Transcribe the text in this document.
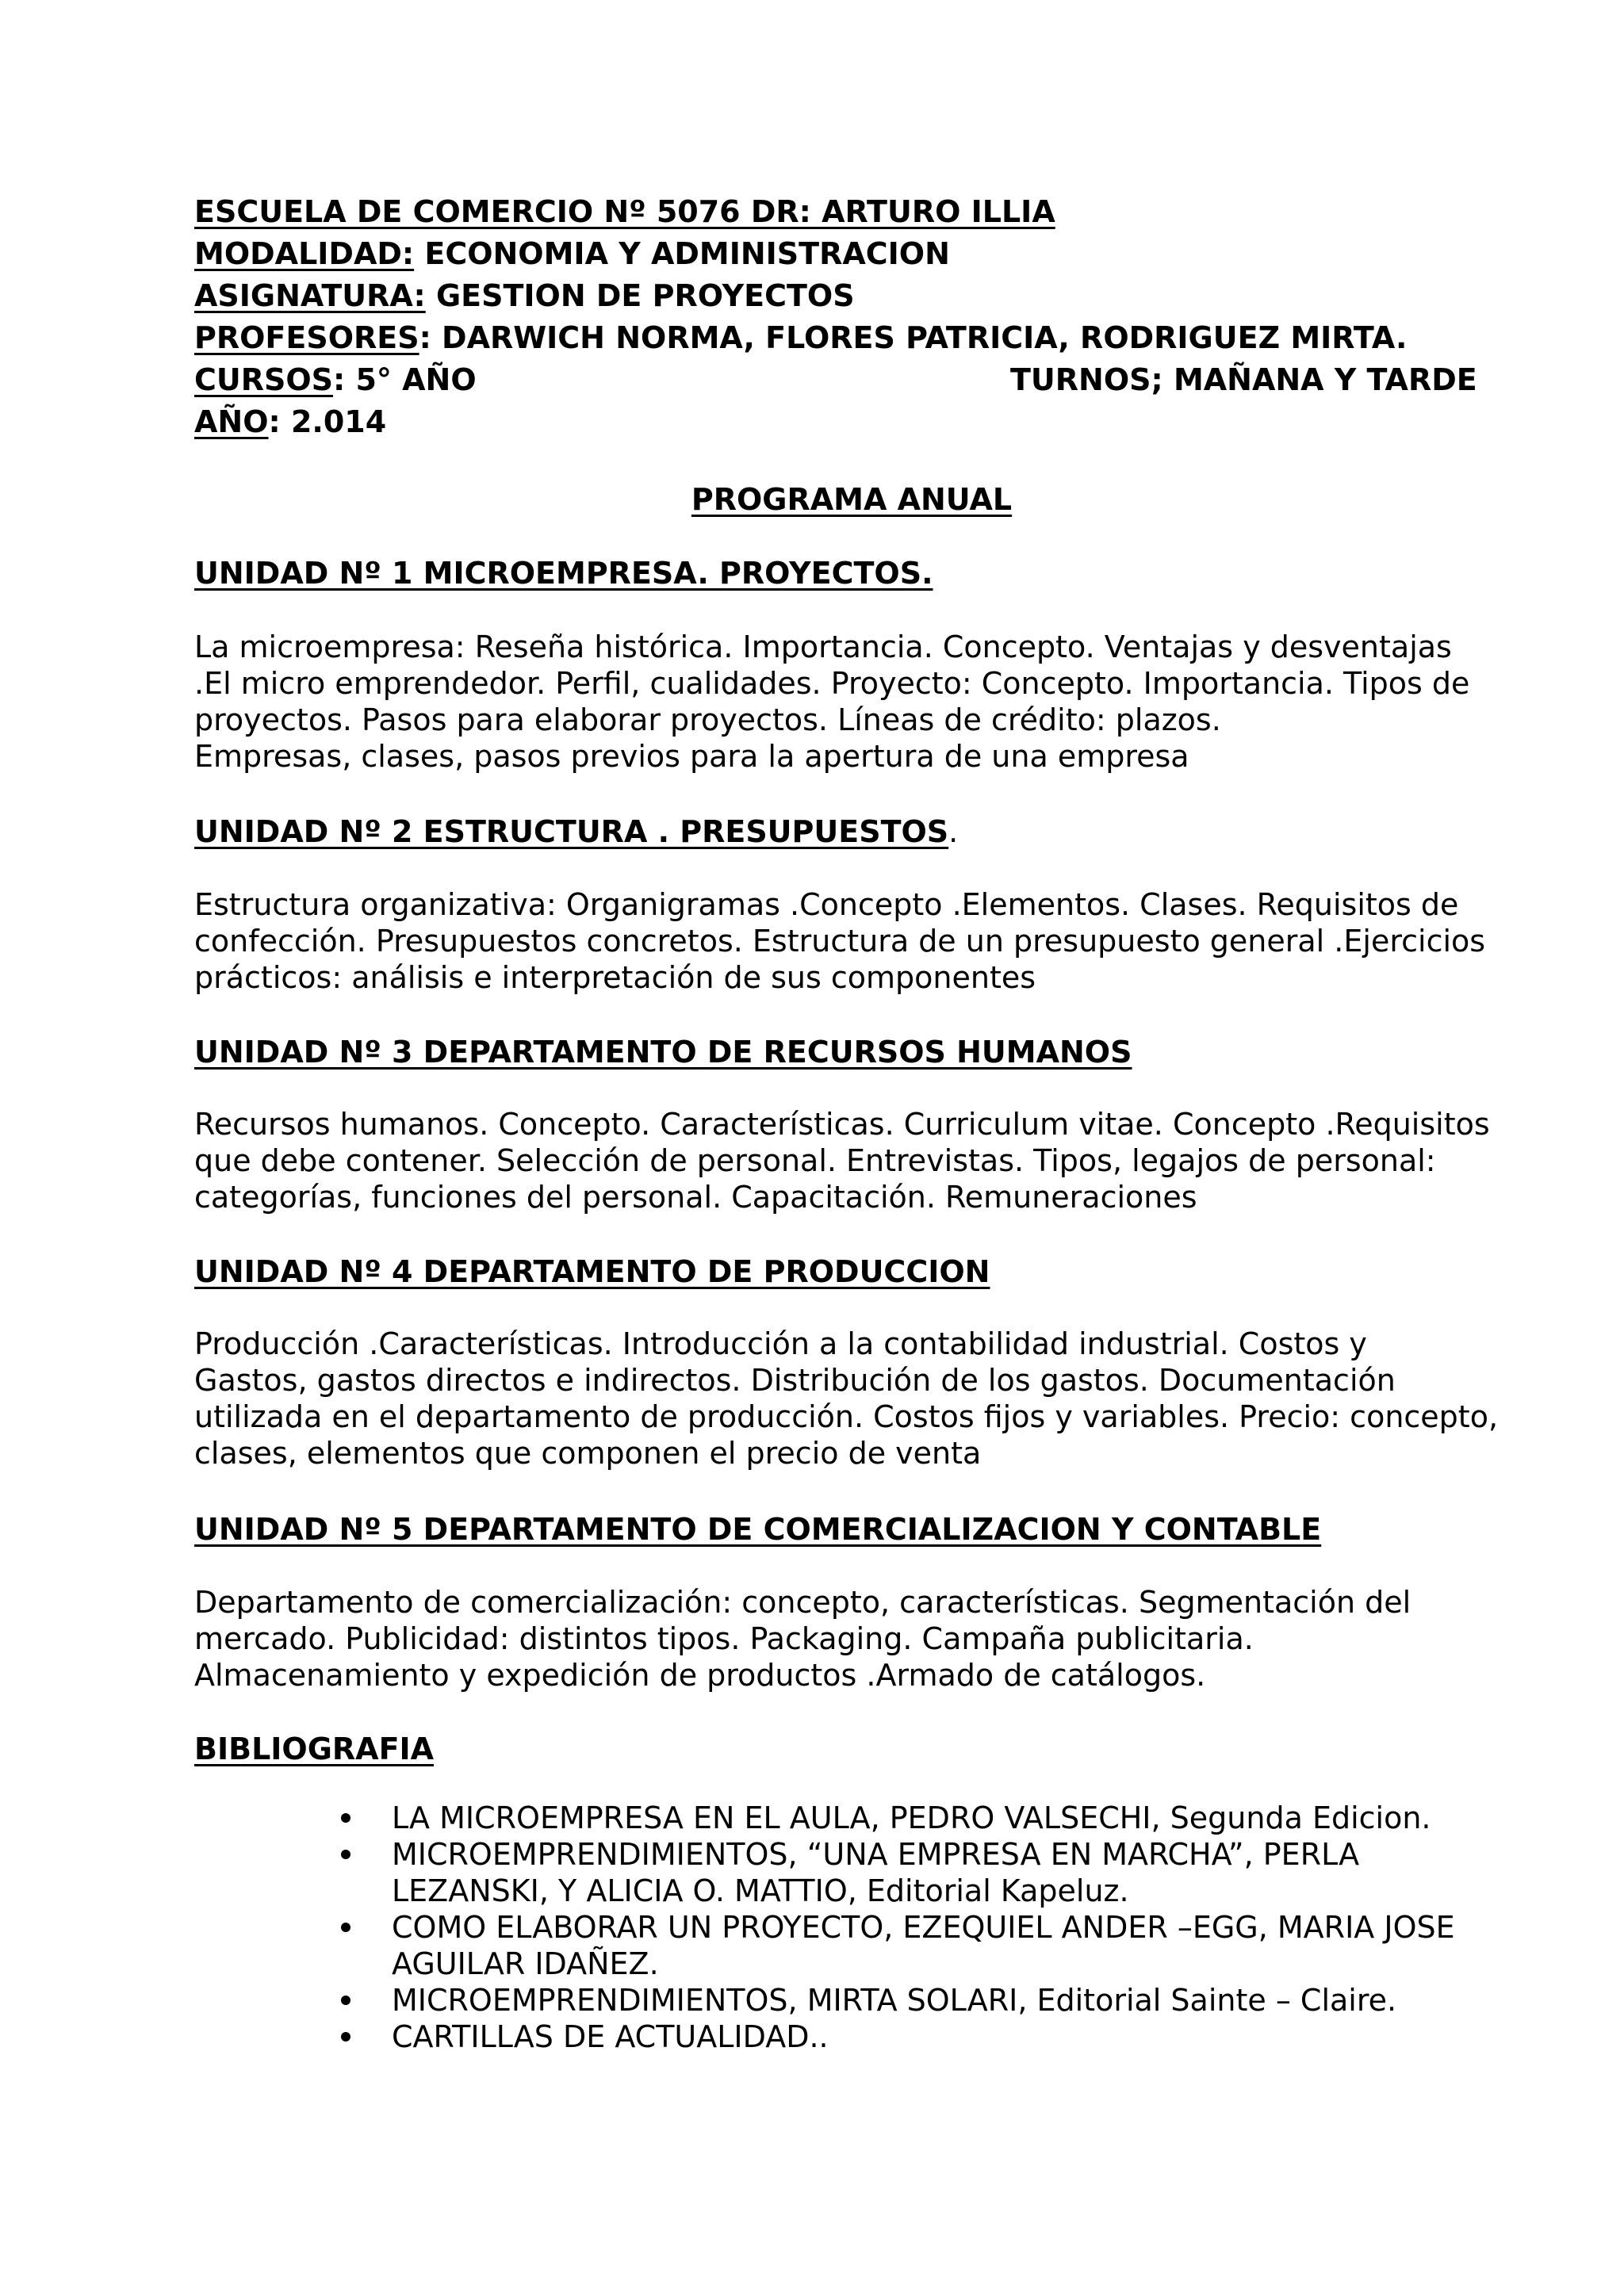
ESCUELA DE COMERCIO Nº 5076 DR: ARTURO ILLIA
MODALIDAD: ECONOMIA Y ADMINISTRACION
ASIGNATURA: GESTION DE PROYECTOS
PROFESORES: DARWICH NORMA, FLORES PATRICIA, RODRIGUEZ MIRTA.
CURSOS: 5° AÑO	TURNOS; MAÑANA Y TARDE
AÑO: 2.014
PROGRAMA ANUAL
UNIDAD Nº 1 MICROEMPRESA. PROYECTOS.
La microempresa: Reseña histórica. Importancia. Concepto. Ventajas y desventajas
.El micro emprendedor. Perfil, cualidades. Proyecto: Concepto. Importancia. Tipos de
proyectos. Pasos para elaborar proyectos. Líneas de crédito: plazos.
Empresas, clases, pasos previos para la apertura de una empresa
UNIDAD Nº 2 ESTRUCTURA . PRESUPUESTOS.
Estructura organizativa: Organigramas .Concepto .Elementos. Clases. Requisitos de
confección. Presupuestos concretos. Estructura de un presupuesto general .Ejercicios
prácticos: análisis e interpretación de sus componentes
UNIDAD Nº 3 DEPARTAMENTO DE RECURSOS HUMANOS
Recursos humanos. Concepto. Características. Curriculum vitae. Concepto .Requisitos
que debe contener. Selección de personal. Entrevistas. Tipos, legajos de personal:
categorías, funciones del personal. Capacitación. Remuneraciones
UNIDAD Nº 4 DEPARTAMENTO DE PRODUCCION
Producción .Características. Introducción a la contabilidad industrial. Costos y
Gastos, gastos directos e indirectos. Distribución de los gastos. Documentación
utilizada en el departamento de producción. Costos fijos y variables. Precio: concepto,
clases, elementos que componen el precio de venta
UNIDAD Nº 5 DEPARTAMENTO DE COMERCIALIZACION Y CONTABLE
Departamento de comercialización: concepto, características. Segmentación del
mercado. Publicidad: distintos tipos. Packaging. Campaña publicitaria.
Almacenamiento y expedición de productos .Armado de catálogos.
BIBLIOGRAFIA
LA MICROEMPRESA EN EL AULA, PEDRO VALSECHI, Segunda Edicion.
MICROEMPRENDIMIENTOS, “UNA EMPRESA EN MARCHA”, PERLA
LEZANSKI, Y ALICIA O. MATTIO, Editorial Kapeluz.
COMO ELABORAR UN PROYECTO, EZEQUIEL ANDER –EGG, MARIA JOSE
AGUILAR IDAÑEZ.
MICROEMPRENDIMIENTOS, MIRTA SOLARI, Editorial Sainte – Claire.
CARTILLAS DE ACTUALIDAD..
